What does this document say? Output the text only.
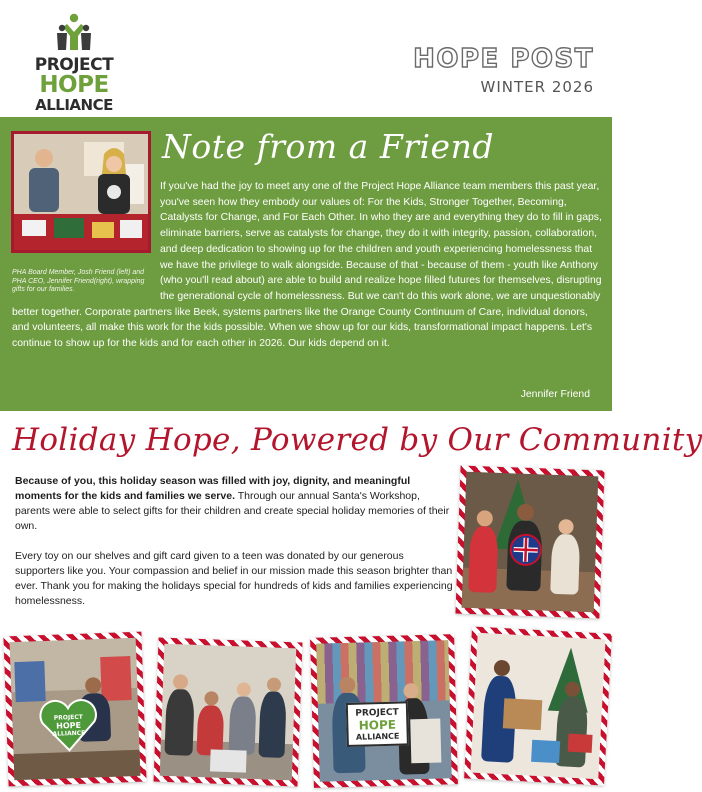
PROJECT
HOPE
ALLIANCE
HOPE POST
WINTER 2026
PHA Board Member, Josh Friend (left) and PHA CEO, Jennifer Friend(right), wrapping gifts for our families.
Note from a Friend
If you've had the joy to meet any one of the Project Hope Alliance team members this past year, you've seen how they embody our values of: For the Kids, Stronger Together, Becoming, Catalysts for Change, and For Each Other. In who they are and everything they do to fill in gaps, eliminate barriers, serve as catalysts for change, they do it with integrity, passion, collaboration, and deep dedication to showing up for the children and youth experiencing homelessness that we have the privilege to walk alongside. Because of that - because of them - youth like Anthony (who you'll read about) are able to build and realize hope filled futures for themselves, disrupting the generational cycle of homelessness. But we can't do this work alone, we are unquestionably better together. Corporate partners like Beek, systems partners like the Orange County Continuum of Care, individual donors, and volunteers, all make this work for the kids possible. When we show up for our kids, transformational impact happens. Let's continue to show up for the kids and for each other in 2026. Our kids depend on it.
Jennifer Friend
Holiday Hope, Powered by Our Community

Because of you, this holiday season was filled with joy, dignity, and meaningful moments for the kids and families we serve. Through our annual Santa's Workshop, parents were able to select gifts for their children and create special holiday memories of their own.

Every toy on our shelves and gift card given to a teen was donated by our generous supporters like you. Your compassion and belief in our mission made this season brighter than ever. Thank you for making the holidays special for hundreds of kids and families experiencing homelessness.

PROJECT
HOPE
ALLIANCE
PROJECT
HOPE
ALLIANCE
